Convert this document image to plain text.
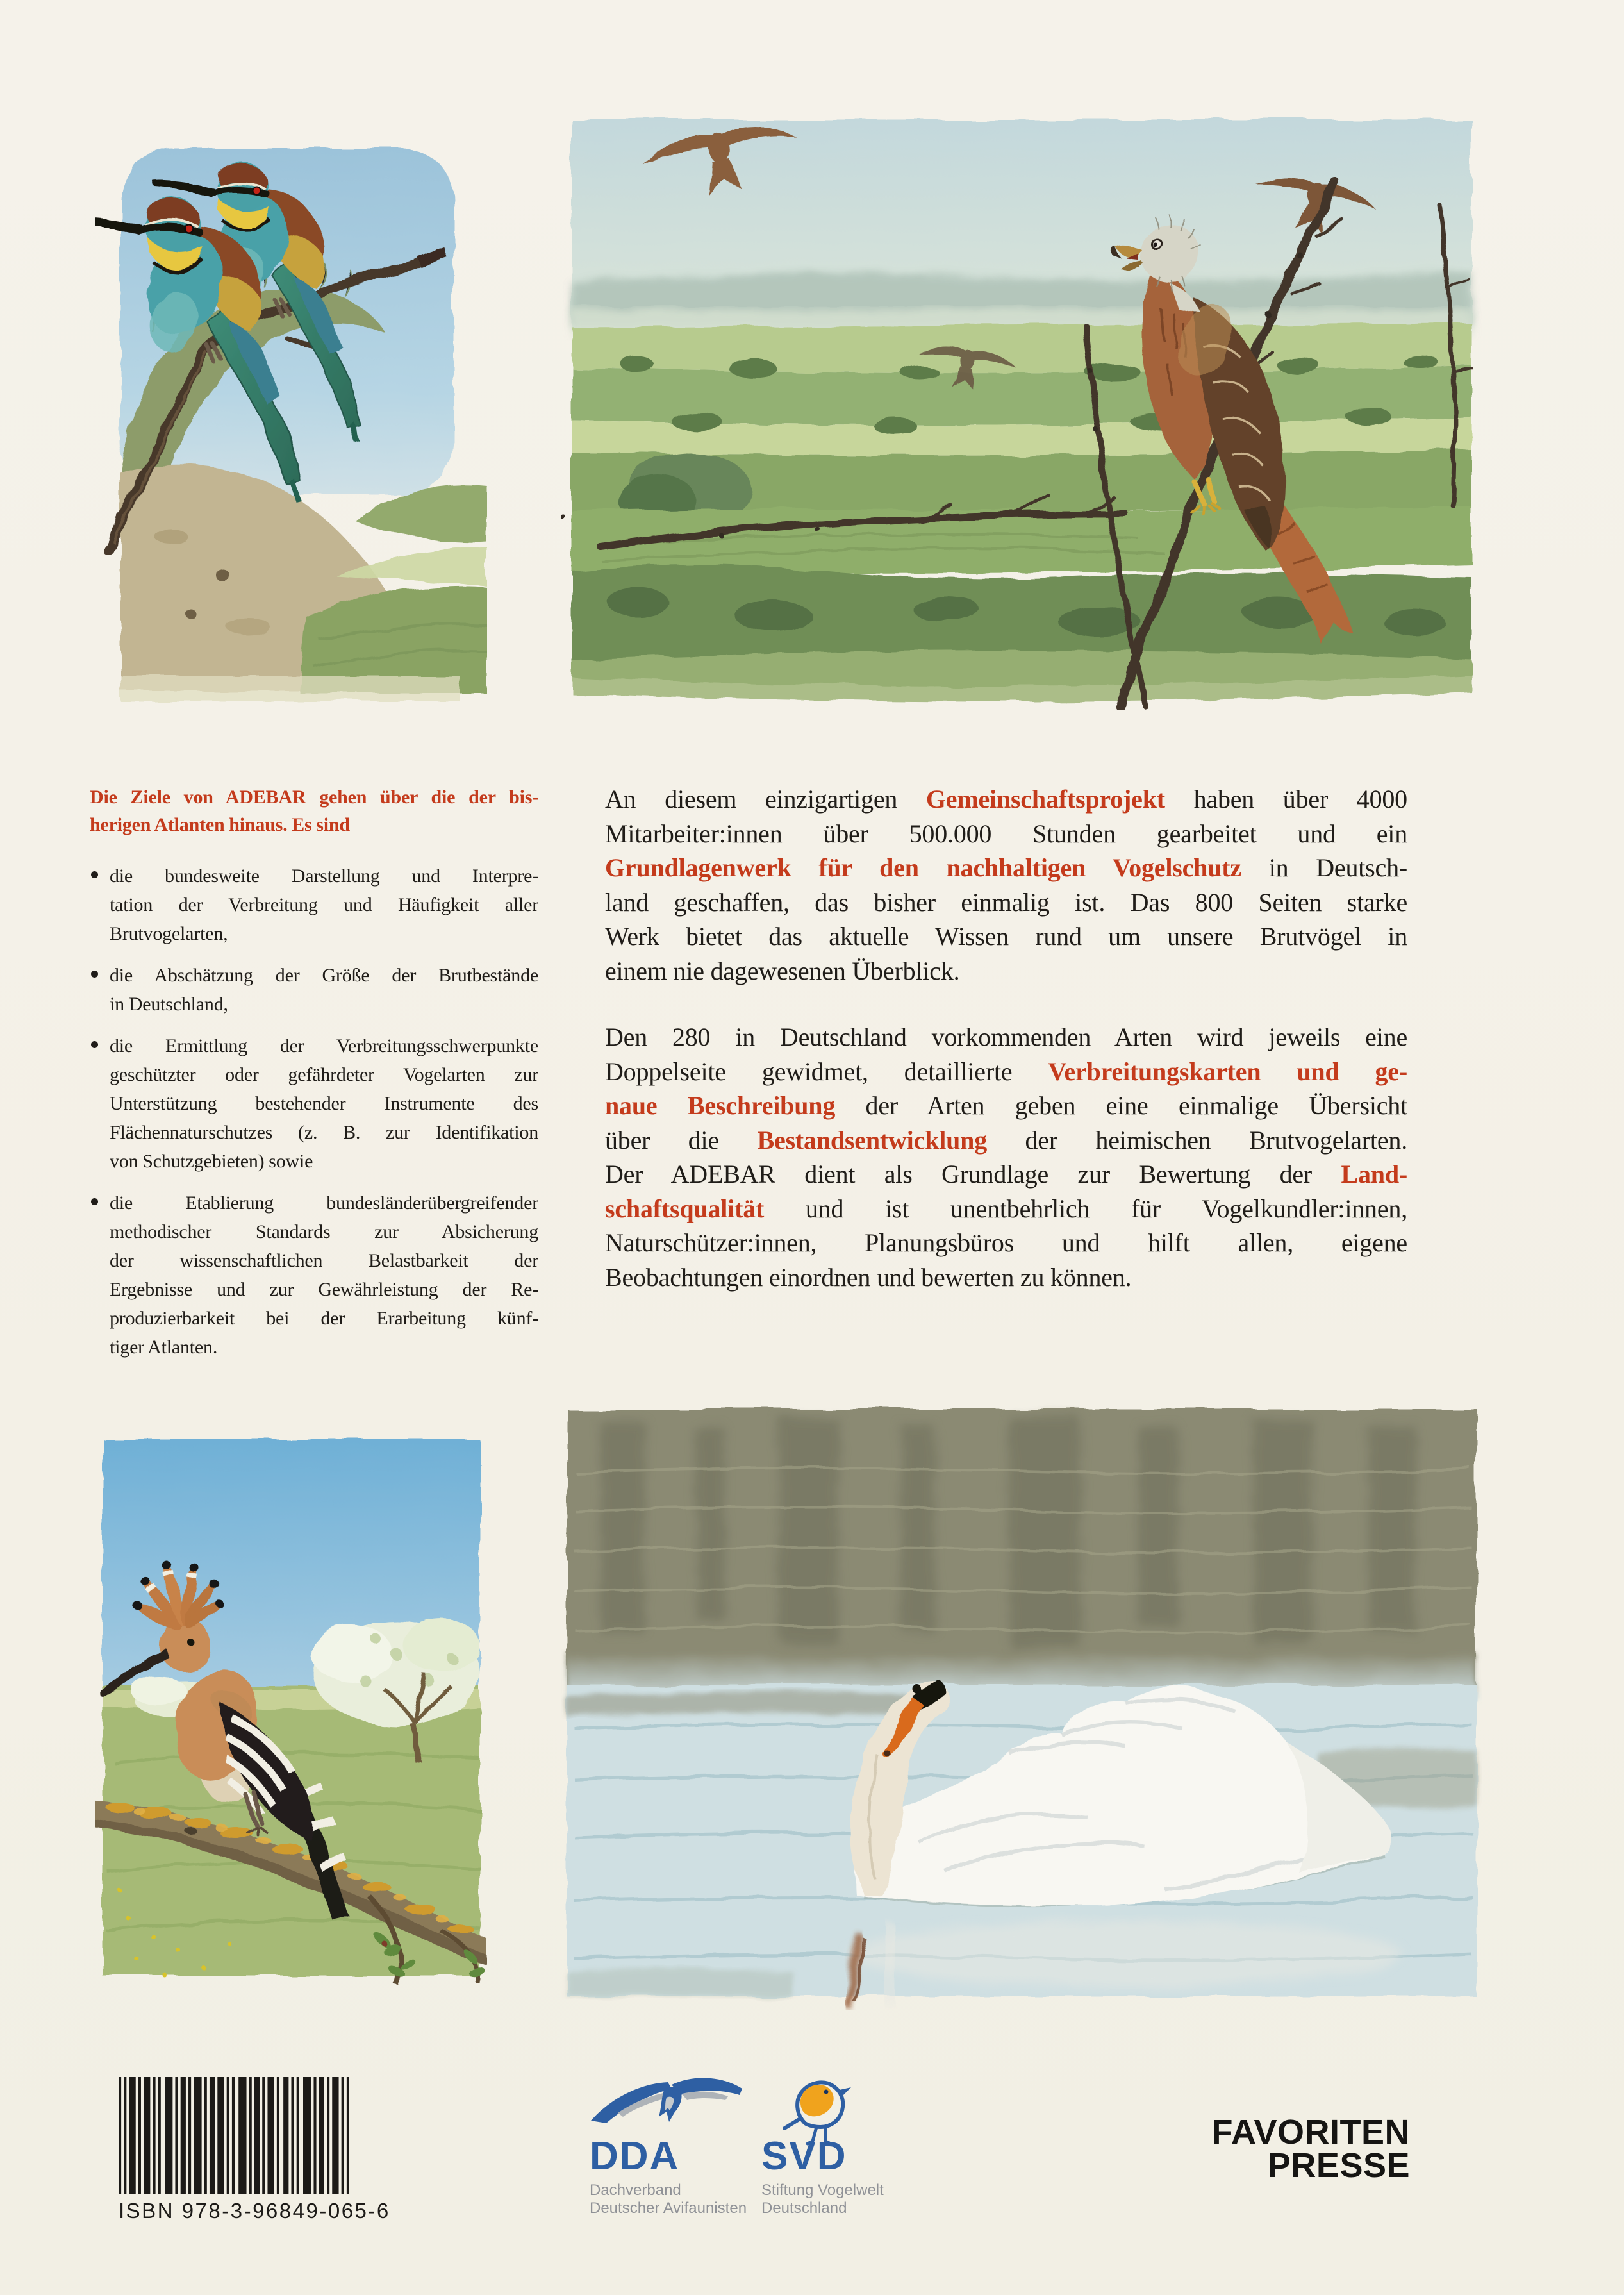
Die Ziele von ADEBAR gehen über die der bis-
herigen Atlanten hinaus. Es sind
die bundesweite Darstellung und Interpre-
tation der Verbreitung und Häufigkeit aller
Brutvogelarten,
die Abschätzung der Größe der Brutbestände
in Deutschland,
die Ermittlung der Verbreitungsschwerpunkte
geschützter oder gefährdeter Vogelarten zur
Unterstützung bestehender Instrumente des
Flächennaturschutzes (z. B. zur Identifikation
von Schutzgebieten) sowie
die Etablierung bundesländerübergreifender
methodischer Standards zur Absicherung
der wissenschaftlichen Belastbarkeit der
Ergebnisse und zur Gewährleistung der Re-
produzierbarkeit bei der Erarbeitung künf-
tiger Atlanten.
An diesem einzigartigen Gemeinschaftsprojekt haben über 4000
Mitarbeiter:innen über 500.000 Stunden gearbeitet und ein
Grundlagenwerk für den nachhaltigen Vogelschutz in Deutsch-
land geschaffen, das bisher einmalig ist. Das 800 Seiten starke
Werk bietet das aktuelle Wissen rund um unsere Brutvögel in
einem nie dagewesenen Überblick.
Den 280 in Deutschland vorkommenden Arten wird jeweils eine
Doppelseite gewidmet, detaillierte Verbreitungskarten und ge-
naue Beschreibung der Arten geben eine einmalige Übersicht
über die Bestandsentwicklung der heimischen Brutvogelarten.
Der ADEBAR dient als Grundlage zur Bewertung der Land-
schaftsqualität und ist unentbehrlich für Vogelkundler:innen,
Naturschützer:innen, Planungsbüros und hilft allen, eigene
Beobachtungen einordnen und bewerten zu können.
ISBN 978-3-96849-065-6
DDA
Dachverband
Deutscher Avifaunisten
SVD
Stiftung Vogelwelt
Deutschland
FAVORITEN
PRESSE
